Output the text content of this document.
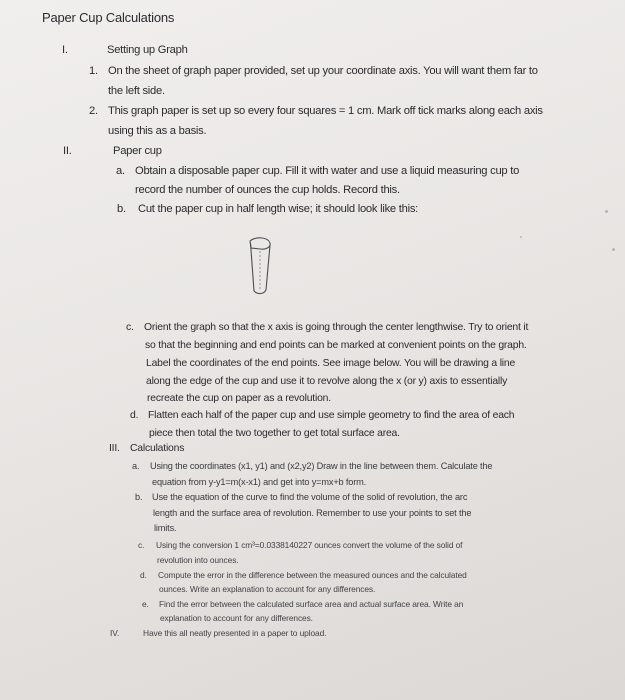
Paper Cup Calculations
I.	Setting up Graph
1. On the sheet of graph paper provided, set up your coordinate axis. You will want them far to
the left side.
2. This graph paper is set up so every four squares = 1 cm. Mark off tick marks along each axis
using this as a basis.
II.	Paper cup
a. Obtain a disposable paper cup. Fill it with water and use a liquid measuring cup to
record the number of ounces the cup holds. Record this.
b. Cut the paper cup in half length wise; it should look like this:
c. Orient the graph so that the x axis is going through the center lengthwise. Try to orient it
so that the beginning and end points can be marked at convenient points on the graph.
Label the coordinates of the end points. See image below. You will be drawing a line
along the edge of the cup and use it to revolve along the x (or y) axis to essentially
recreate the cup on paper as a revolution.
d. Flatten each half of the paper cup and use simple geometry to find the area of each
piece then total the two together to get total surface area.
III. Calculations
a. Using the coordinates (x1, y1) and (x2,y2) Draw in the line between them. Calculate the
equation from y-y1=m(x-x1) and get into y=mx+b form.
b. Use the equation of the curve to find the volume of the solid of revolution, the arc
length and the surface area of revolution. Remember to use your points to set the
limits.
c. Using the conversion 1 cm³=0.0338140227 ounces convert the volume of the solid of
revolution into ounces.
d. Compute the error in the difference between the measured ounces and the calculated
ounces. Write an explanation to account for any differences.
e. Find the error between the calculated surface area and actual surface area. Write an
explanation to account for any differences.
IV.	Have this all neatly presented in a paper to upload.
